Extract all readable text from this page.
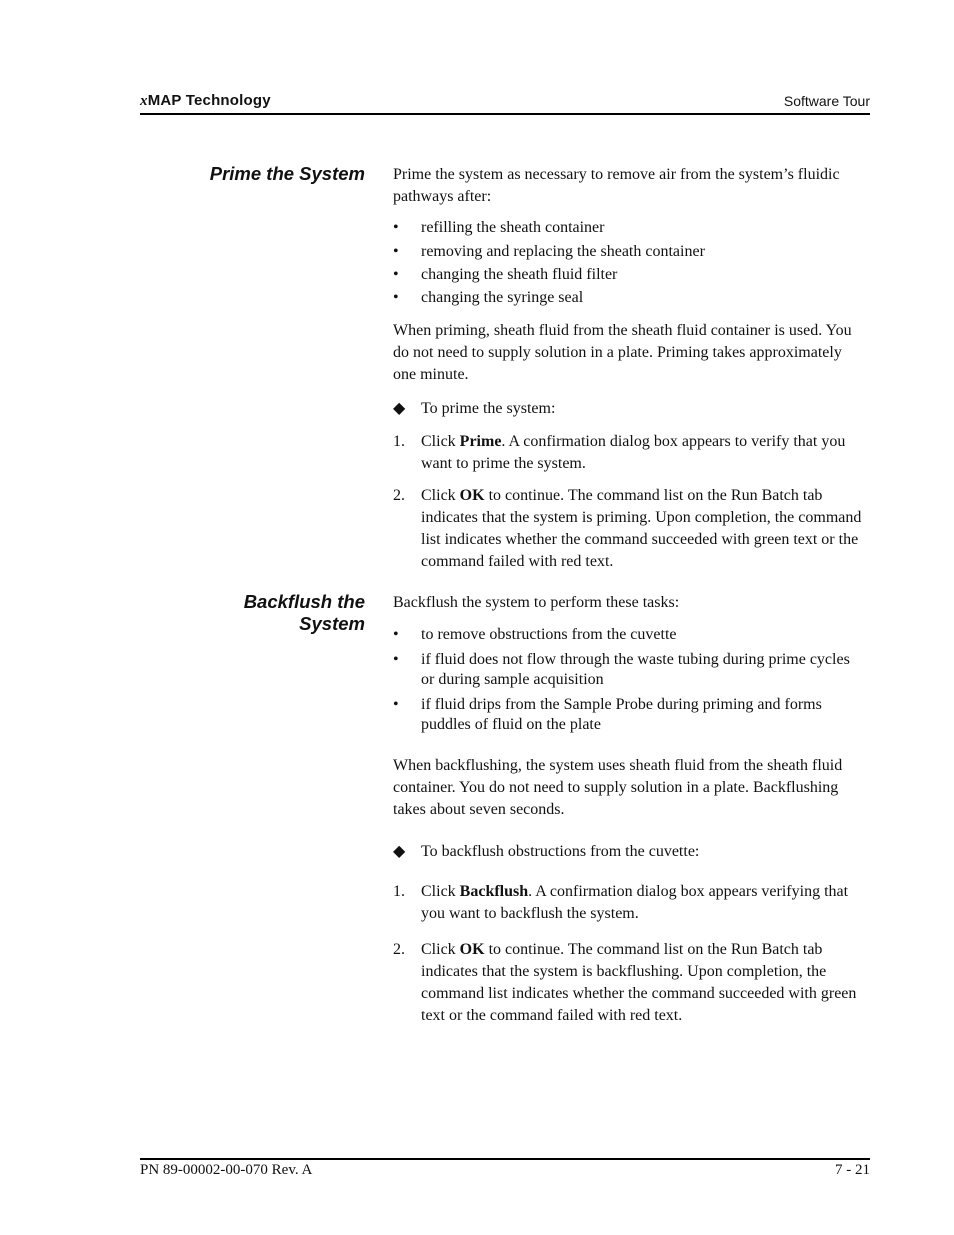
xMAP Technology	Software Tour
Prime the System Prime the system as necessary to remove air from the system’s fluidic pathways after:
• refilling the sheath container
• removing and replacing the sheath container
• changing the sheath fluid filter
• changing the syringe seal
When priming, sheath fluid from the sheath fluid container is used. You do not need to supply solution in a plate. Priming takes approximately one minute.
◆ To prime the system:
1. Click Prime. A confirmation dialog box appears to verify that you want to prime the system.
2. Click OK to continue. The command list on the Run Batch tab indicates that the system is priming. Upon completion, the command list indicates whether the command succeeded with green text or the command failed with red text.
Backflush the
System
Backflush the system to perform these tasks:
• to remove obstructions from the cuvette
• if fluid does not flow through the waste tubing during prime cycles or during sample acquisition
• if fluid drips from the Sample Probe during priming and forms puddles of fluid on the plate
When backflushing, the system uses sheath fluid from the sheath fluid container. You do not need to supply solution in a plate. Backflushing takes about seven seconds.
◆ To backflush obstructions from the cuvette:
1. Click Backflush. A confirmation dialog box appears verifying that you want to backflush the system.
2. Click OK to continue. The command list on the Run Batch tab indicates that the system is backflushing. Upon completion, the command list indicates whether the command succeeded with green text or the command failed with red text.
PN 89-00002-00-070 Rev. A	7 - 21
